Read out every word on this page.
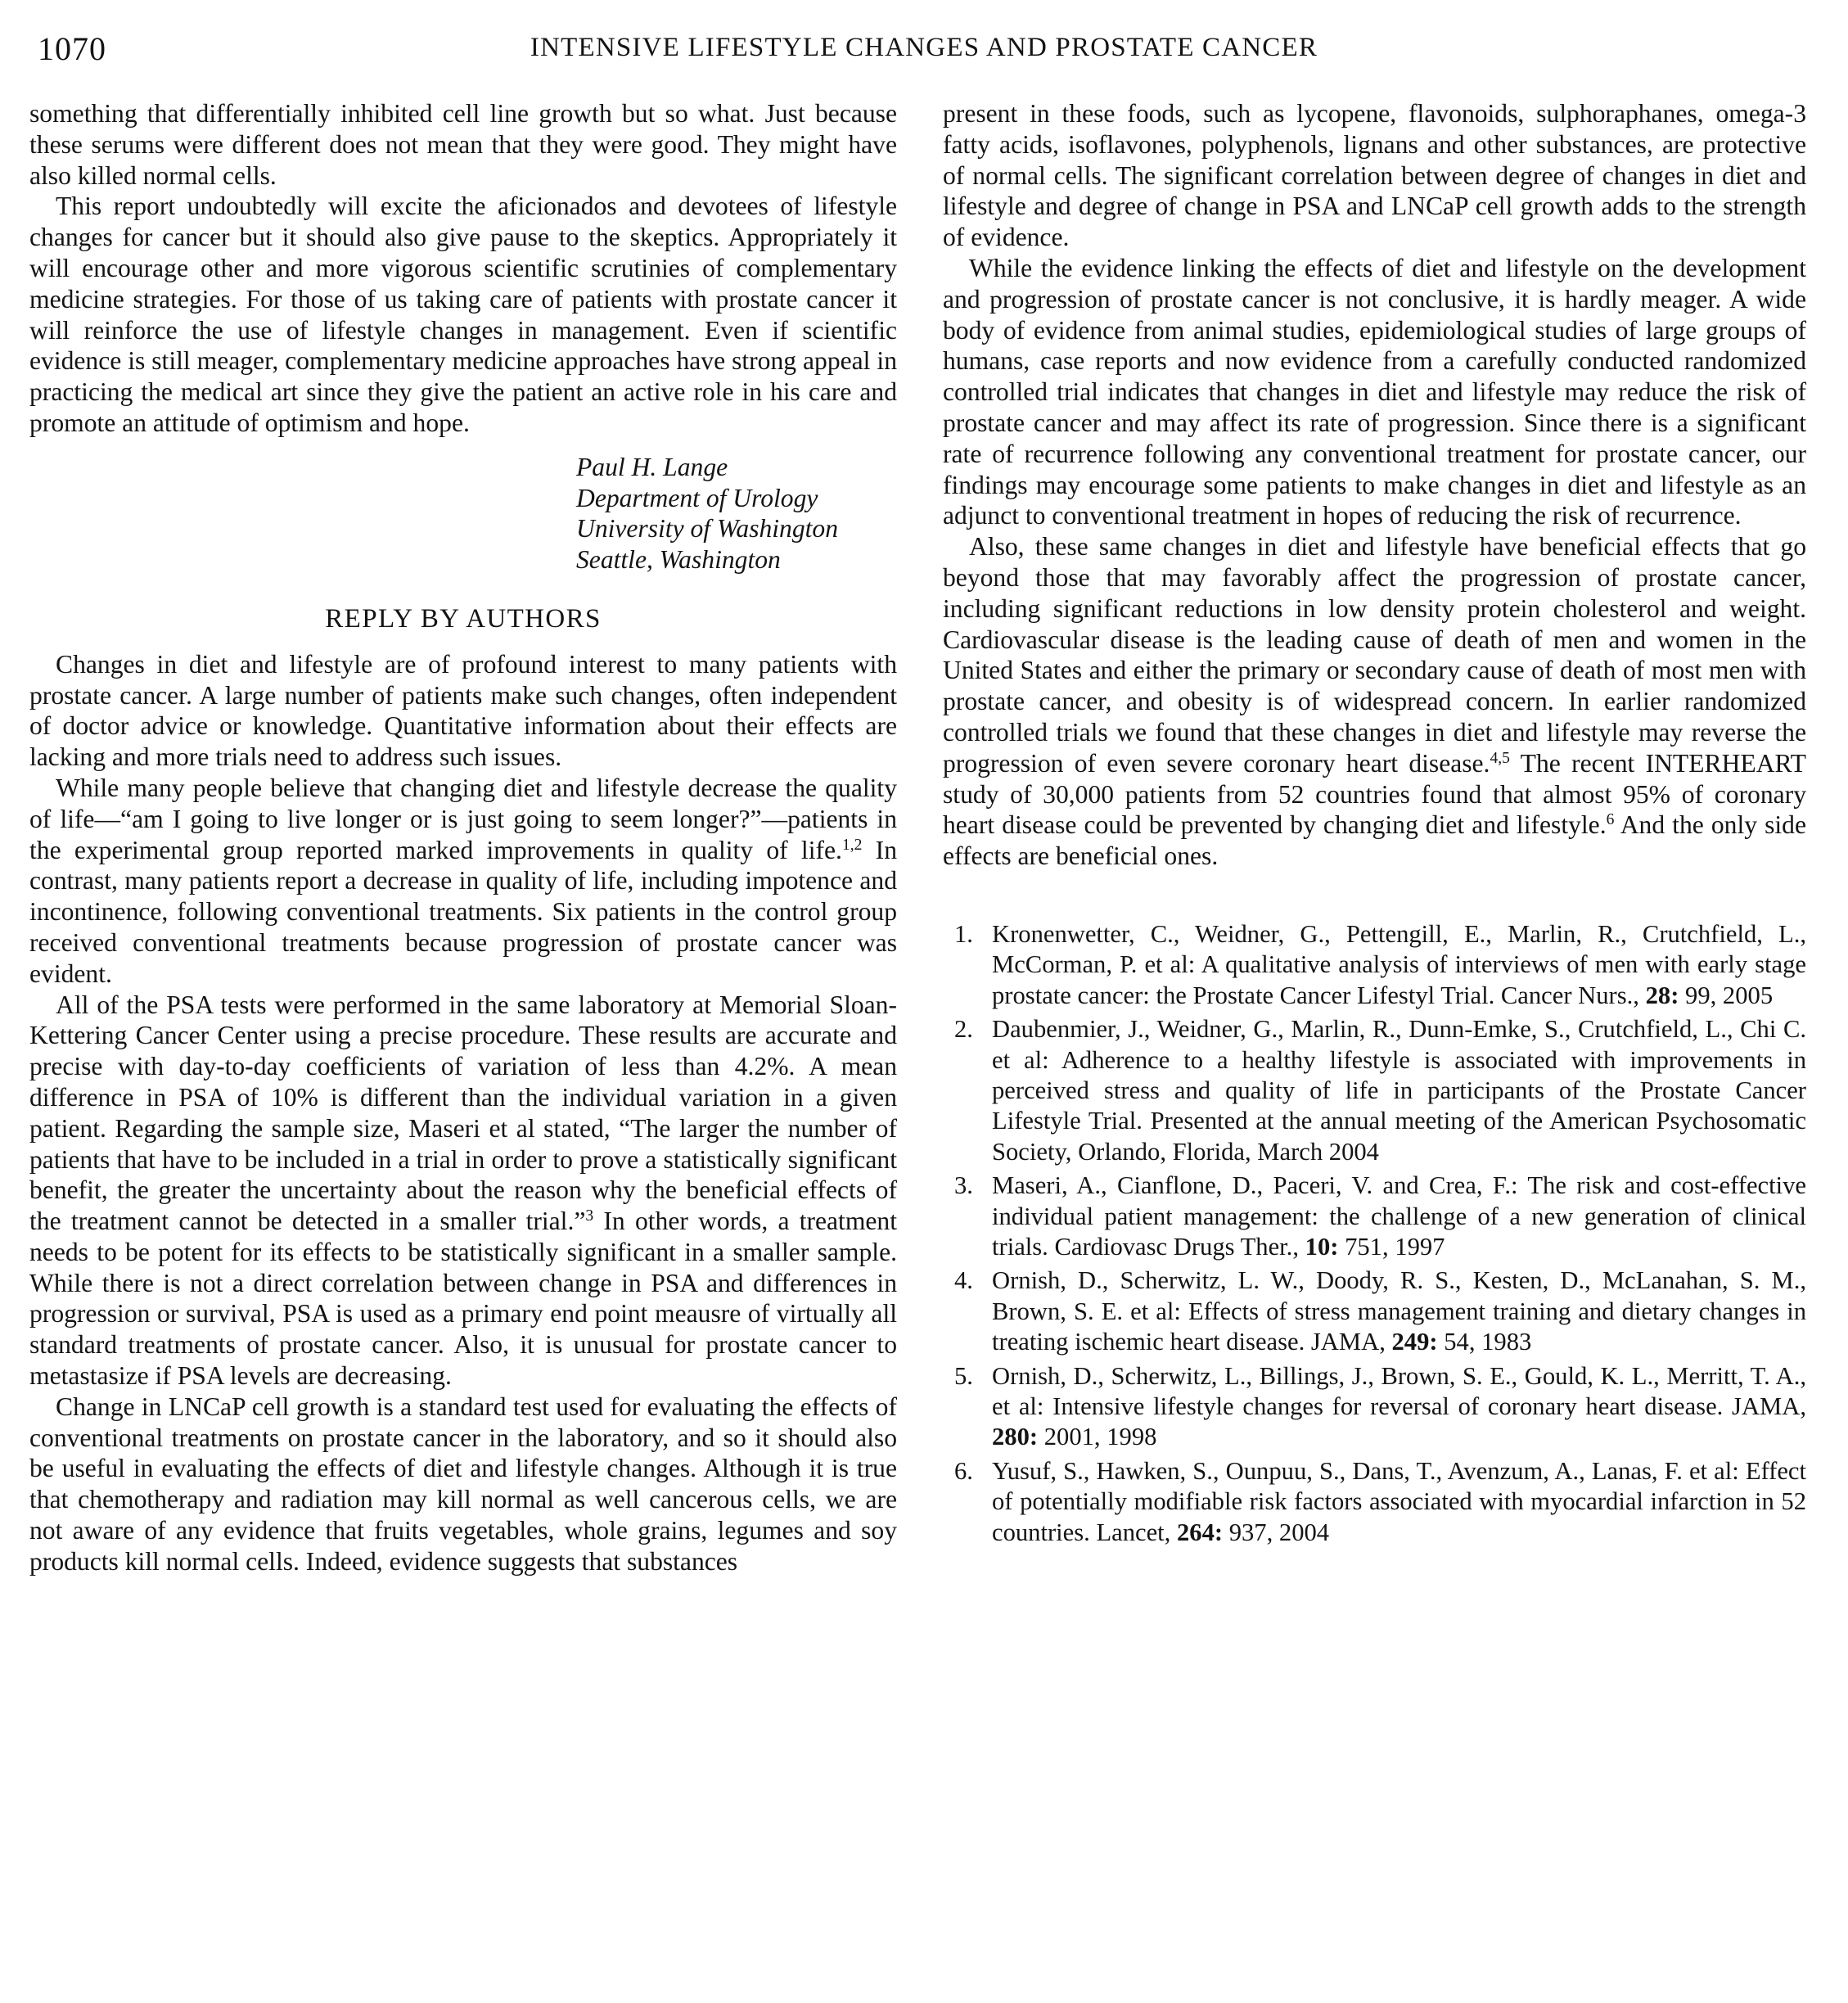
1070	INTENSIVE LIFESTYLE CHANGES AND PROSTATE CANCER

something that differentially inhibited cell line growth but so what. Just because these serums were different does not mean that they were good. They might have also killed normal cells.

This report undoubtedly will excite the aficionados and devotees of lifestyle changes for cancer but it should also give pause to the skeptics. Appropriately it will encourage other and more vigorous scientific scrutinies of complementary medicine strategies. For those of us taking care of patients with prostate cancer it will reinforce the use of lifestyle changes in management. Even if scientific evidence is still meager, complementary medicine approaches have strong appeal in practicing the medical art since they give the patient an active role in his care and promote an attitude of optimism and hope.

Paul H. Lange
Department of Urology
University of Washington
Seattle, Washington
REPLY BY AUTHORS

Changes in diet and lifestyle are of profound interest to many patients with prostate cancer. A large number of patients make such changes, often independent of doctor advice or knowledge. Quantitative information about their effects are lacking and more trials need to address such issues.

While many people believe that changing diet and lifestyle decrease the quality of life—“am I going to live longer or is just going to seem longer?”—patients in the experimental group reported marked improvements in quality of life.$^{1,2}$ In contrast, many patients report a decrease in quality of life, including impotence and incontinence, following conventional treatments. Six patients in the control group received conventional treatments because progression of prostate cancer was evident.

All of the PSA tests were performed in the same laboratory at Memorial Sloan-Kettering Cancer Center using a precise procedure. These results are accurate and precise with day-to-day coefficients of variation of less than 4.2%. A mean difference in PSA of 10% is different than the individual variation in a given patient. Regarding the sample size, Maseri et al stated, “The larger the number of patients that have to be included in a trial in order to prove a statistically significant benefit, the greater the uncertainty about the reason why the beneficial effects of the treatment cannot be detected in a smaller trial.”$^3$ In other words, a treatment needs to be potent for its effects to be statistically significant in a smaller sample. While there is not a direct correlation between change in PSA and differences in progression or survival, PSA is used as a primary end point meausre of virtually all standard treatments of prostate cancer. Also, it is unusual for prostate cancer to metastasize if PSA levels are decreasing.

Change in LNCaP cell growth is a standard test used for evaluating the effects of conventional treatments on prostate cancer in the laboratory, and so it should also be useful in evaluating the effects of diet and lifestyle changes. Although it is true that chemotherapy and radiation may kill normal as well cancerous cells, we are not aware of any evidence that fruits vegetables, whole grains, legumes and soy products kill normal cells. Indeed, evidence suggests that substances

present in these foods, such as lycopene, flavonoids, sulphoraphanes, omega-3 fatty acids, isoflavones, polyphenols, lignans and other substances, are protective of normal cells. The significant correlation between degree of changes in diet and lifestyle and degree of change in PSA and LNCaP cell growth adds to the strength of evidence.

While the evidence linking the effects of diet and lifestyle on the development and progression of prostate cancer is not conclusive, it is hardly meager. A wide body of evidence from animal studies, epidemiological studies of large groups of humans, case reports and now evidence from a carefully conducted randomized controlled trial indicates that changes in diet and lifestyle may reduce the risk of prostate cancer and may affect its rate of progression. Since there is a significant rate of recurrence following any conventional treatment for prostate cancer, our findings may encourage some patients to make changes in diet and lifestyle as an adjunct to conventional treatment in hopes of reducing the risk of recurrence.

Also, these same changes in diet and lifestyle have beneficial effects that go beyond those that may favorably affect the progression of prostate cancer, including significant reductions in low density protein cholesterol and weight. Cardiovascular disease is the leading cause of death of men and women in the United States and either the primary or secondary cause of death of most men with prostate cancer, and obesity is of widespread concern. In earlier randomized controlled trials we found that these changes in diet and lifestyle may reverse the progression of even severe coronary heart disease.$^{4,5}$ The recent INTERHEART study of 30,000 patients from 52 countries found that almost 95% of coronary heart disease could be prevented by changing diet and lifestyle.$^6$ And the only side effects are beneficial ones.

1. Kronenwetter, C., Weidner, G., Pettengill, E., Marlin, R., Crutchfield, L., McCorman, P. et al: A qualitative analysis of interviews of men with early stage prostate cancer: the Prostate Cancer Lifestyl Trial. Cancer Nurs., 28: 99, 2005
2. Daubenmier, J., Weidner, G., Marlin, R., Dunn-Emke, S., Crutchfield, L., Chi C. et al: Adherence to a healthy lifestyle is associated with improvements in perceived stress and quality of life in participants of the Prostate Cancer Lifestyle Trial. Presented at the annual meeting of the American Psychosomatic Society, Orlando, Florida, March 2004
3. Maseri, A., Cianflone, D., Paceri, V. and Crea, F.: The risk and cost-effective individual patient management: the challenge of a new generation of clinical trials. Cardiovasc Drugs Ther., 10: 751, 1997
4. Ornish, D., Scherwitz, L. W., Doody, R. S., Kesten, D., McLanahan, S. M., Brown, S. E. et al: Effects of stress management training and dietary changes in treating ischemic heart disease. JAMA, 249: 54, 1983
5. Ornish, D., Scherwitz, L., Billings, J., Brown, S. E., Gould, K. L., Merritt, T. A., et al: Intensive lifestyle changes for reversal of coronary heart disease. JAMA, 280: 2001, 1998
6. Yusuf, S., Hawken, S., Ounpuu, S., Dans, T., Avenzum, A., Lanas, F. et al: Effect of potentially modifiable risk factors associated with myocardial infarction in 52 countries. Lancet, 264: 937, 2004
